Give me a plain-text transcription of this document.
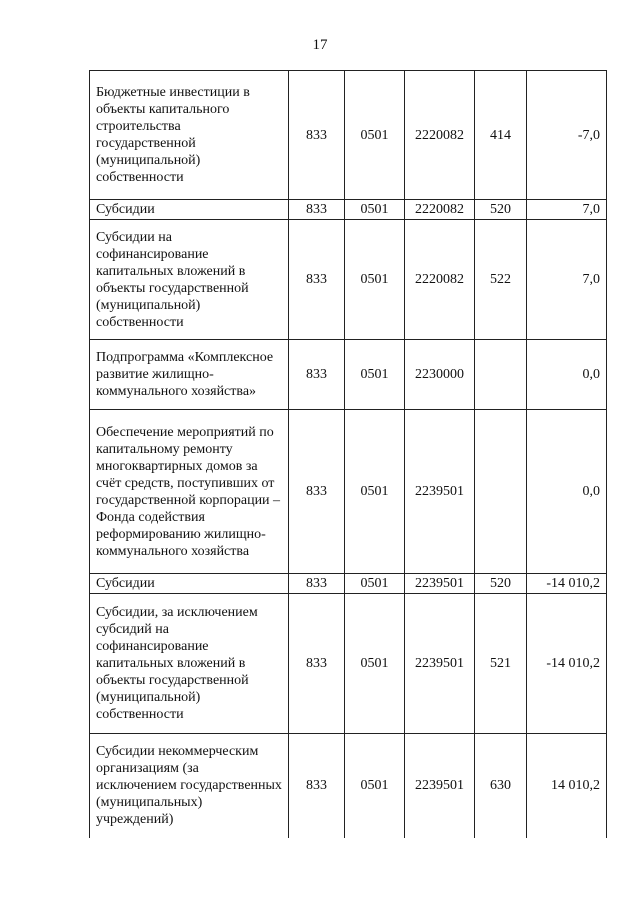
17
Бюджетные инвестиции в объекты капитального строительства государственной (муниципальной) собственности	833	0501	2220082	414	-7,0
Субсидии	833	0501	2220082	520	7,0
Субсидии на софинансирование капитальных вложений в объекты государственной (муниципальной) собственности	833	0501	2220082	522	7,0
Подпрограмма «Комплексное развитие жилищно-коммунального хозяйства»	833	0501	2230000		0,0
Обеспечение мероприятий по капитальному ремонту многоквартирных домов за счёт средств, поступивших от государственной корпорации – Фонда содействия реформированию жилищно-коммунального хозяйства	833	0501	2239501		0,0
Субсидии	833	0501	2239501	520	-14 010,2
Субсидии, за исключением субсидий на софинансирование капитальных вложений в объекты государственной (муниципальной) собственности	833	0501	2239501	521	-14 010,2
Субсидии некоммерческим организациям (за исключением государственных (муниципальных) учреждений)	833	0501	2239501	630	14 010,2
